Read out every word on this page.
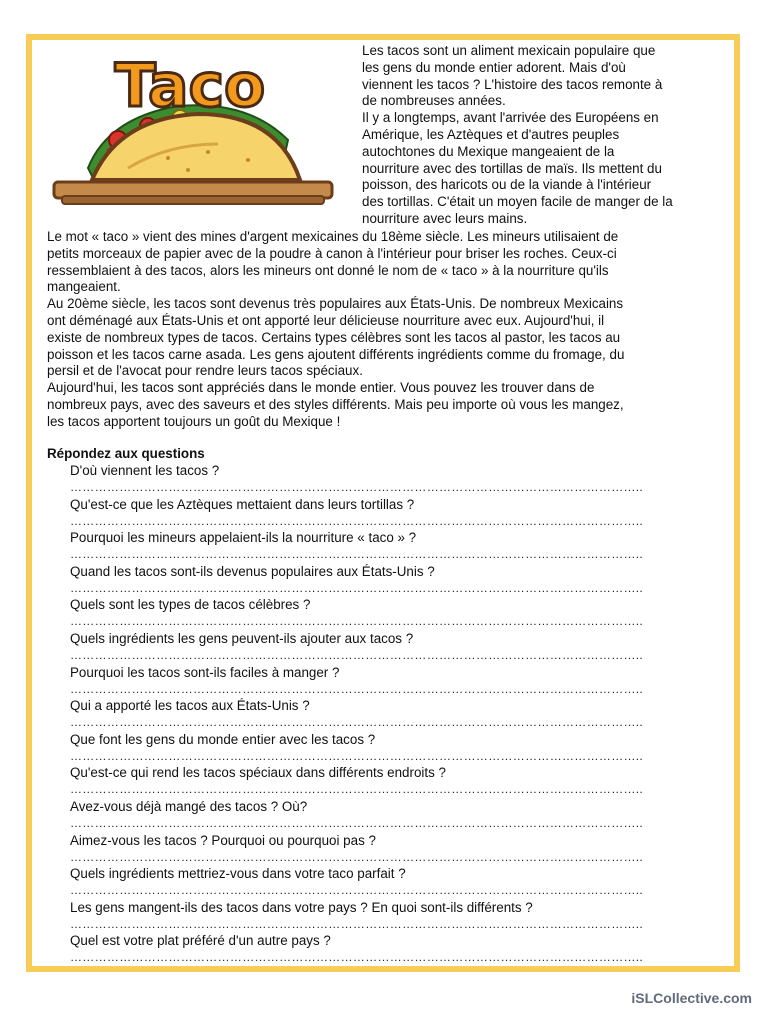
Taco

Les tacos sont un aliment mexicain populaire que
les gens du monde entier adorent. Mais d'où
viennent les tacos ? L'histoire des tacos remonte à
de nombreuses années.
Il y a longtemps, avant l'arrivée des Européens en
Amérique, les Aztèques et d'autres peuples
autochtones du Mexique mangeaient de la
nourriture avec des tortillas de maïs. Ils mettent du
poisson, des haricots ou de la viande à l'intérieur
des tortillas. C'était un moyen facile de manger de la
nourriture avec leurs mains.

Le mot « taco » vient des mines d'argent mexicaines du 18ème siècle. Les mineurs utilisaient de
petits morceaux de papier avec de la poudre à canon à l'intérieur pour briser les roches. Ceux-ci
ressemblaient à des tacos, alors les mineurs ont donné le nom de « taco » à la nourriture qu'ils
mangeaient.
Au 20ème siècle, les tacos sont devenus très populaires aux États-Unis. De nombreux Mexicains
ont déménagé aux États-Unis et ont apporté leur délicieuse nourriture avec eux. Aujourd'hui, il
existe de nombreux types de tacos. Certains types célèbres sont les tacos al pastor, les tacos au
poisson et les tacos carne asada. Les gens ajoutent différents ingrédients comme du fromage, du
persil et de l'avocat pour rendre leurs tacos spéciaux.
Aujourd'hui, les tacos sont appréciés dans le monde entier. Vous pouvez les trouver dans de
nombreux pays, avec des saveurs et des styles différents. Mais peu importe où vous les mangez,
les tacos apportent toujours un goût du Mexique !

Répondez aux questions
D'où viennent les tacos ?
…………………………………………………………………………………………………………………………..
Qu'est-ce que les Aztèques mettaient dans leurs tortillas ?
…………………………………………………………………………………………………………………………..
Pourquoi les mineurs appelaient-ils la nourriture « taco » ?
…………………………………………………………………………………………………………………………..
Quand les tacos sont-ils devenus populaires aux États-Unis ?
…………………………………………………………………………………………………………………………..
Quels sont les types de tacos célèbres ?
…………………………………………………………………………………………………………………………..
Quels ingrédients les gens peuvent-ils ajouter aux tacos ?
…………………………………………………………………………………………………………………………..
Pourquoi les tacos sont-ils faciles à manger ?
…………………………………………………………………………………………………………………………..
Qui a apporté les tacos aux États-Unis ?
…………………………………………………………………………………………………………………………..
Que font les gens du monde entier avec les tacos ?
…………………………………………………………………………………………………………………………..
Qu'est-ce qui rend les tacos spéciaux dans différents endroits ?
…………………………………………………………………………………………………………………………..
Avez-vous déjà mangé des tacos ? Où?
…………………………………………………………………………………………………………………………..
Aimez-vous les tacos ? Pourquoi ou pourquoi pas ?
…………………………………………………………………………………………………………………………..
Quels ingrédients mettriez-vous dans votre taco parfait ?
…………………………………………………………………………………………………………………………..
Les gens mangent-ils des tacos dans votre pays ? En quoi sont-ils différents ?
…………………………………………………………………………………………………………………………..
Quel est votre plat préféré d'un autre pays ?
…………………………………………………………………………………………………………………………..
iSLCollective.com
